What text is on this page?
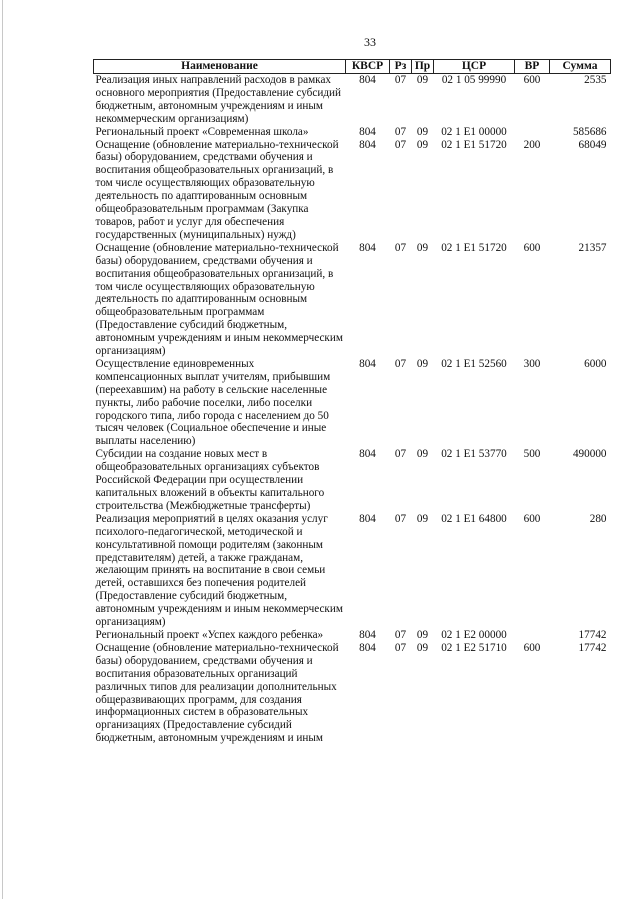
33
Наименование	КВСР	Рз	Пр	ЦСР	ВР	Сумма
Реализация иных направлений расходов в рамках основного мероприятия (Предоставление субсидий бюджетным, автономным учреждениям и иным некоммерческим организациям)	804	07	09	02 1 05 99990	600	2535
Региональный проект «Современная школа»	804	07	09	02 1 E1 00000		585686
Оснащение (обновление материально-технической базы) оборудованием, средствами обучения и воспитания общеобразовательных организаций, в том числе осуществляющих образовательную деятельность по адаптированным основным общеобразовательным программам (Закупка товаров, работ и услуг для обеспечения государственных (муниципальных) нужд)	804	07	09	02 1 E1 51720	200	68049
Оснащение (обновление материально-технической базы) оборудованием, средствами обучения и воспитания общеобразовательных организаций, в том числе осуществляющих образовательную деятельность по адаптированным основным общеобразовательным программам (Предоставление субсидий бюджетным, автономным учреждениям и иным некоммерческим организациям)	804	07	09	02 1 E1 51720	600	21357
Осуществление единовременных компенсационных выплат учителям, прибывшим (переехавшим) на работу в сельские населенные пункты, либо рабочие поселки, либо поселки городского типа, либо города с населением до 50 тысяч человек (Социальное обеспечение и иные выплаты населению)	804	07	09	02 1 E1 52560	300	6000
Субсидии на создание новых мест в общеобразовательных организациях субъектов Российской Федерации при осуществлении капитальных вложений в объекты капитального строительства (Межбюджетные трансферты)	804	07	09	02 1 E1 53770	500	490000
Реализация мероприятий в целях оказания услуг психолого-педагогической, методической и консультативной помощи родителям (законным представителям) детей, а также гражданам, желающим принять на воспитание в свои семьи детей, оставшихся без попечения родителей (Предоставление субсидий бюджетным, автономным учреждениям и иным некоммерческим организациям)	804	07	09	02 1 E1 64800	600	280
Региональный проект «Успех каждого ребенка»	804	07	09	02 1 E2 00000		17742
Оснащение (обновление материально-технической базы) оборудованием, средствами обучения и воспитания образовательных организаций различных типов для реализации дополнительных общеразвивающих программ, для создания информационных систем в образовательных организациях (Предоставление субсидий бюджетным, автономным учреждениям и иным	804	07	09	02 1 E2 51710	600	17742
